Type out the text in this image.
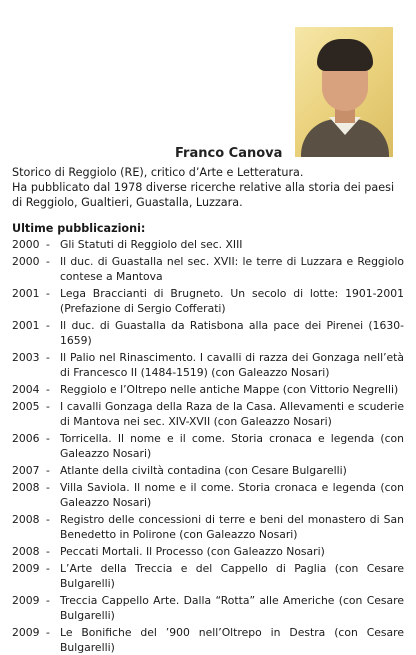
Franco Canova

Storico di Reggiolo (RE), critico d’Arte e Letteratura.

Ha pubblicato dal 1978 diverse ricerche relative alla storia dei paesi di Reggiolo, Gualtieri, Guastalla, Luzzara.

Ultime pubblicazioni:
2000 - Gli Statuti di Reggiolo del sec. XIII
2000 - Il duc. di Guastalla nel sec. XVII: le terre di Luzzara e Reggiolo contese a Mantova
2001 - Lega Braccianti di Brugneto. Un secolo di lotte: 1901-2001 (Prefazione di Sergio Cofferati)
2001 - Il duc. di Guastalla da Ratisbona alla pace dei Pirenei (1630-1659)
2003 - Il Palio nel Rinascimento. I cavalli di razza dei Gonzaga nell’età di Francesco II (1484-1519) (con Galeazzo Nosari)
2004 - Reggiolo e l’Oltrepo nelle antiche Mappe (con Vittorio Negrelli)
2005 - I cavalli Gonzaga della Raza de la Casa. Allevamenti e scuderie di Mantova nei sec. XIV-XVII (con Galeazzo Nosari)
2006 - Torricella. Il nome e il come. Storia cronaca e legenda (con Galeazzo Nosari)
2007 - Atlante della civiltà contadina (con Cesare Bulgarelli)
2008 - Villa Saviola. Il nome e il come. Storia cronaca e legenda (con Galeazzo Nosari)
2008 - Registro delle concessioni di terre e beni del monastero di San Benedetto in Polirone (con Galeazzo Nosari)
2008 - Peccati Mortali. Il Processo (con Galeazzo Nosari)
2009 - L’Arte della Treccia e del Cappello di Paglia (con Cesare Bulgarelli)
2009 - Treccia Cappello Arte. Dalla “Rotta” alle Americhe (con Cesare Bulgarelli)
2009 - Le Bonifiche del ’900 nell’Oltrepo in Destra (con Cesare Bulgarelli)
